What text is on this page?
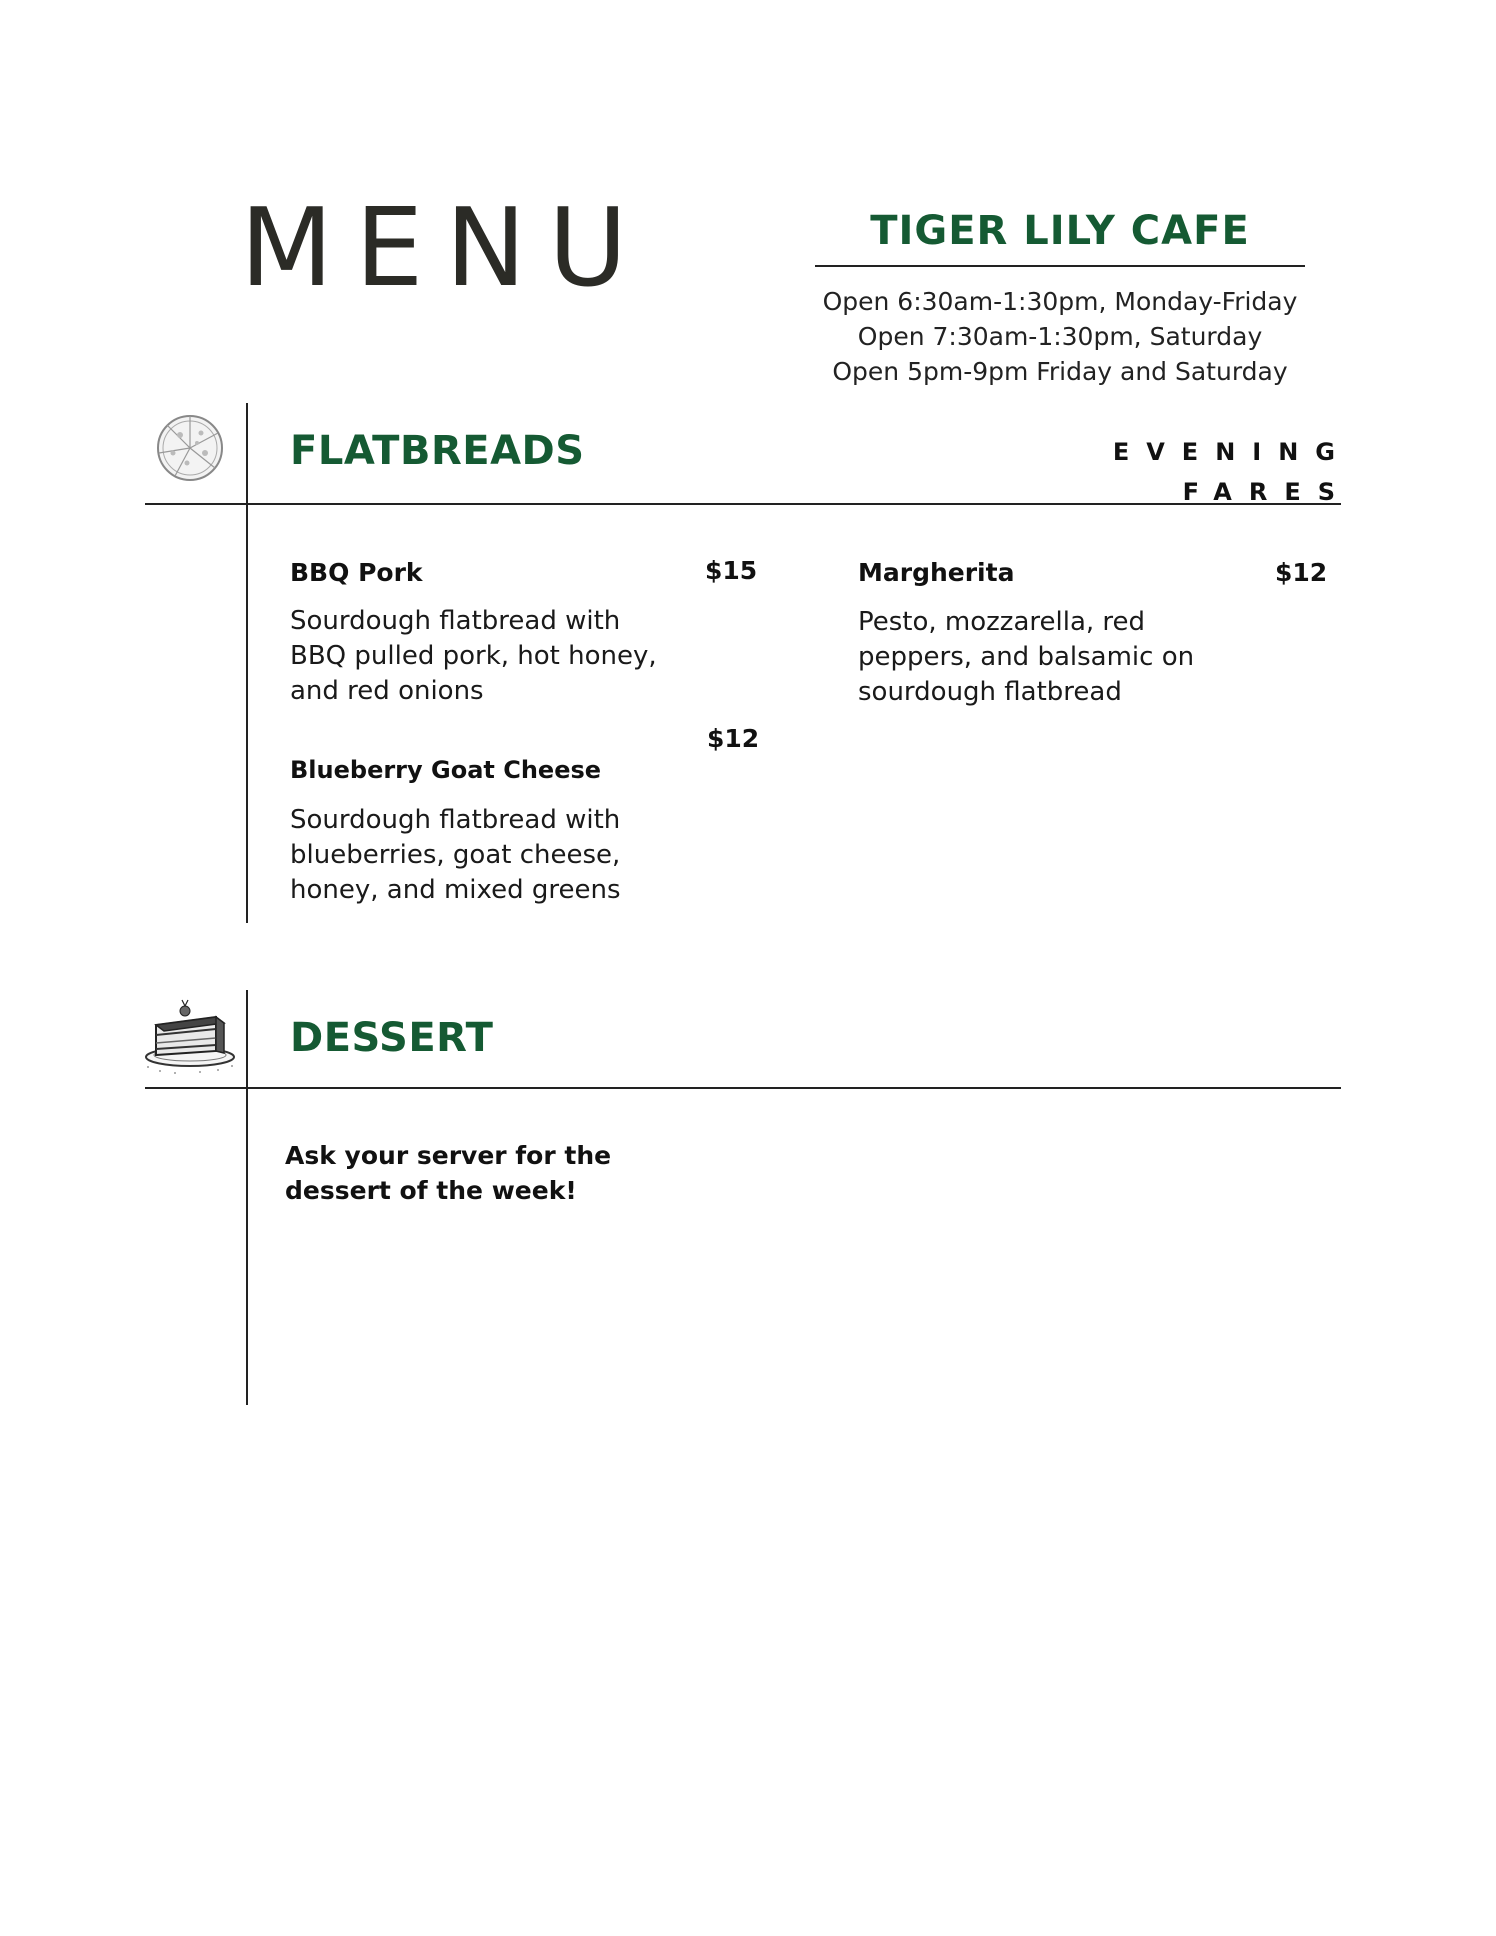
MENU	TIGER LILY CAFE
Open 6:30am-1:30pm, Monday-Friday
Open 7:30am-1:30pm, Saturday
Open 5pm-9pm Friday and Saturday
FLATBREADS	EVENING
FARES
BBQ Pork	$15
Sourdough flatbread with BBQ pulled pork, hot honey, and red onions
$12
Blueberry Goat Cheese
Sourdough flatbread with blueberries, goat cheese, honey, and mixed greens
Margherita	$12
Pesto, mozzarella, red peppers, and balsamic on sourdough flatbread
DESSERT
Ask your server for the dessert of the week!
